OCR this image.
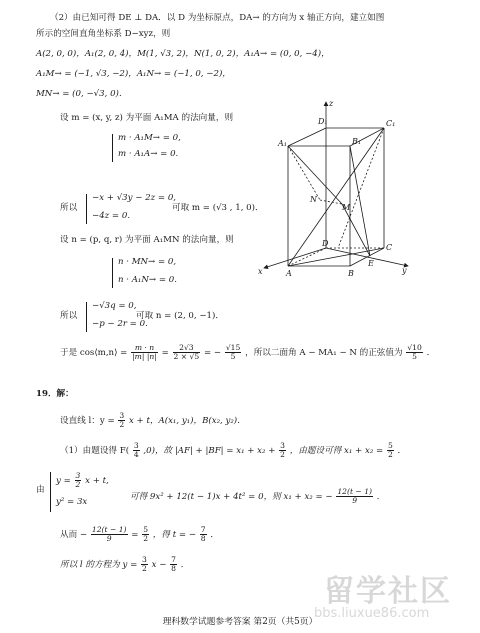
（2）由已知可得 DE ⊥ DA．以 D 为坐标原点，DA→ 的方向为 x 轴正方向，建立如图
所示的空间直角坐标系 D−xyz，则
A(2, 0, 0)，A₁(2, 0, 4)，M(1, √3, 2)，N(1, 0, 2)，A₁A→ = (0, 0, −4)，
A₁M→ = (−1, √3, −2)，A₁N→ = (−1, 0, −2)，
MN→ = (0, −√3, 0)．
设 m = (x, y, z) 为平面 A₁MA 的法向量，则
m · A₁M→ = 0,
m · A₁A→ = 0.
所以
−x + √3y − 2z = 0,
−4z = 0.
可取 m = (√3 , 1, 0)．
设 n = (p, q, r) 为平面 A₁MN 的法向量，则
n · MN→ = 0,
n · A₁N→ = 0.
所以
−√3q = 0,
−p − 2r = 0.
可取 n = (2, 0, −1)．
于是 cos⟨m,n⟩ = $\frac{m \cdot n}{|m| |n|} = \frac{2√3}{2 \times √5}$ = − $\frac{√15}{5}$ ，所以二面角 A − MA₁ − N 的正弦值为 $\frac{√10}{5}$ ．
z
x	y
D₁	C₁
A₁	B₁
N
M
D	C
A	B
E
19．解：
设直线 l：$y = \frac{3}{2}$ x + t，A(x₁, y₁)，B(x₂, y₂)．
（1）由题设得 $F( \frac{3}{4} ,0)$，故 $|AF| + |BF| = x_1 + x_2 + \frac{3}{2}$ ，由题设可得 $x_1 + x_2 = \frac{5}{2}$ ．
由
$y = \frac{3}{2}$ x + t,
y² = 3x
可得 9x² + 12(t − 1)x + 4t² = 0，则 x₁ + x₂ = − $\frac{12(t - 1)}{9}$ ．
从而 − $\frac{12(t - 1)}{9} = \frac{5}{2}$ ，得 t = − $\frac{7}{8}$ ．
所以 l 的方程为 $y = \frac{3}{2}$ $x - \frac{7}{8}$ ．
理科数学试题参考答案 第2页（共5页）
留学社区
bbs.liuxue86.com
